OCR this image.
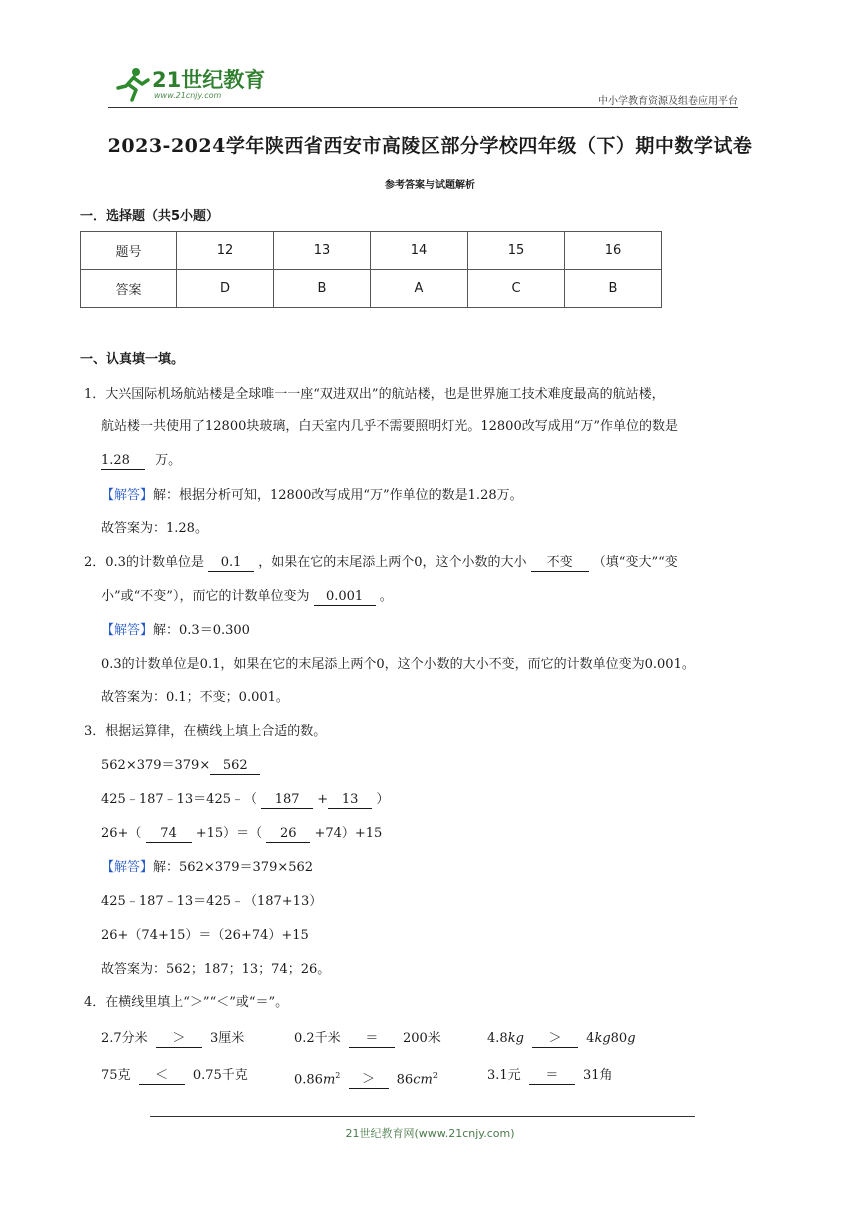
21世纪教育
www.21cnjy.com
中小学教育资源及组卷应用平台
2023-2024学年陕西省西安市高陵区部分学校四年级（下）期中数学试卷
参考答案与试题解析
一．选择题（共5小题）
题号	12	13	14	15	16
答案	D	B	A	C	B
一、认真填一填。
1．大兴国际机场航站楼是全球唯一一座“双进双出”的航站楼，也是世界施工技术难度最高的航站楼，
航站楼一共使用了12800块玻璃，白天室内几乎不需要照明灯光。12800改写成用“万”作单位的数是
1.28 万。
【解答】解：根据分析可知，12800改写成用“万”作单位的数是1.28万。
故答案为：1.28。
2．0.3的计数单位是 0.1 ，如果在它的末尾添上两个0，这个小数的大小 不变 （填“变大”“变
小”或“不变”），而它的计数单位变为 0.001 。
【解答】解：0.3＝0.300
0.3的计数单位是0.1，如果在它的末尾添上两个0，这个小数的大小不变，而它的计数单位变为0.001。
故答案为：0.1；不变；0.001。
3．根据运算律，在横线上填上合适的数。
562×379＝379× 562
425﹣187﹣13＝425﹣（ 187 + 13 ）
26+（ 74 +15）＝（ 26 +74）+15
【解答】解：562×379＝379×562
425﹣187﹣13＝425﹣（187+13）
26+（74+15）＝（26+74）+15
故答案为：562；187；13；74；26。
4．在横线里填上“＞”“＜”或“＝”。
2.7分米 ＞ 3厘米	0.2千米 ＝ 200米	4.8kg ＞ 4kg80g
75克 ＜ 0.75千克	$0.86m^2 > 86cm^2$	3.1元 ＝ 31角
21世纪教育网(www.21cnjy.com)
